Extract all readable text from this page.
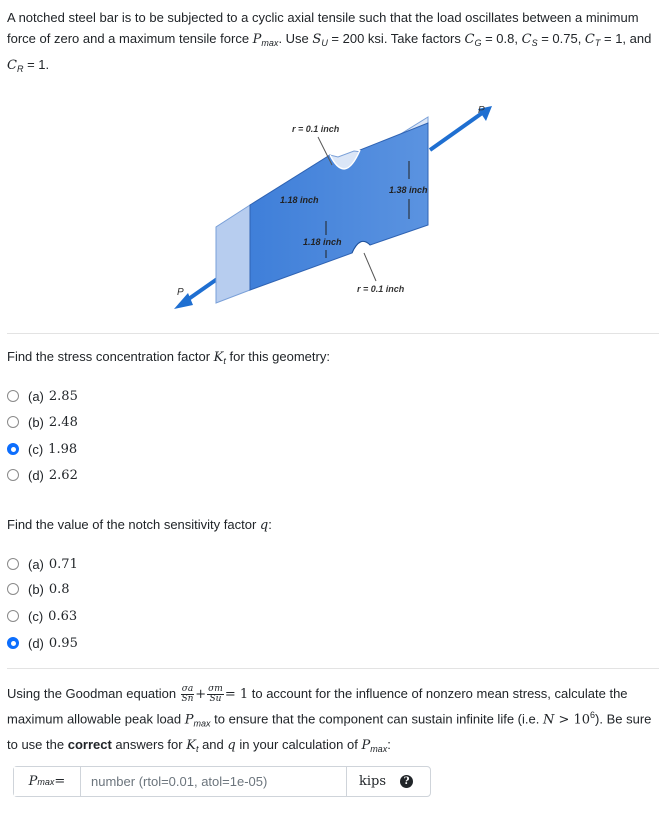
A notched steel bar is to be subjected to a cyclic axial tensile such that the load oscillates between a minimum force of zero and a maximum tensile force $P_{max}$. Use $S_U = 200$ ksi. Take factors $C_G = 0.8$, $C_S = 0.75$, $C_T = 1$, and $C_R = 1$.
r = 0.1 inch
1.18 inch
1.18 inch
1.38 inch
r = 0.1 inch
P
P
Find the stress concentration factor $K_t$ for this geometry:
(a) 2.85
(b) 2.48
(c) 1.98
(d) 2.62
Find the value of the notch sensitivity factor q:
(a) 0.71
(b) 0.8
(c) 0.63
(d) 0.95
Using the Goodman equation $\frac{\sigma a}{Sn} + \frac{\sigma m}{Su} = 1$ to account for the influence of nonzero mean stress, calculate the maximum allowable peak load $P_{max}$ to ensure that the component can sustain infinite life (i.e. $N > 10^6$). Be sure to use the correct answers for $K_t$ and q in your calculation of $P_{max}$:
P max =
number (rtol=0.01, atol=1e-05)	kips	?
